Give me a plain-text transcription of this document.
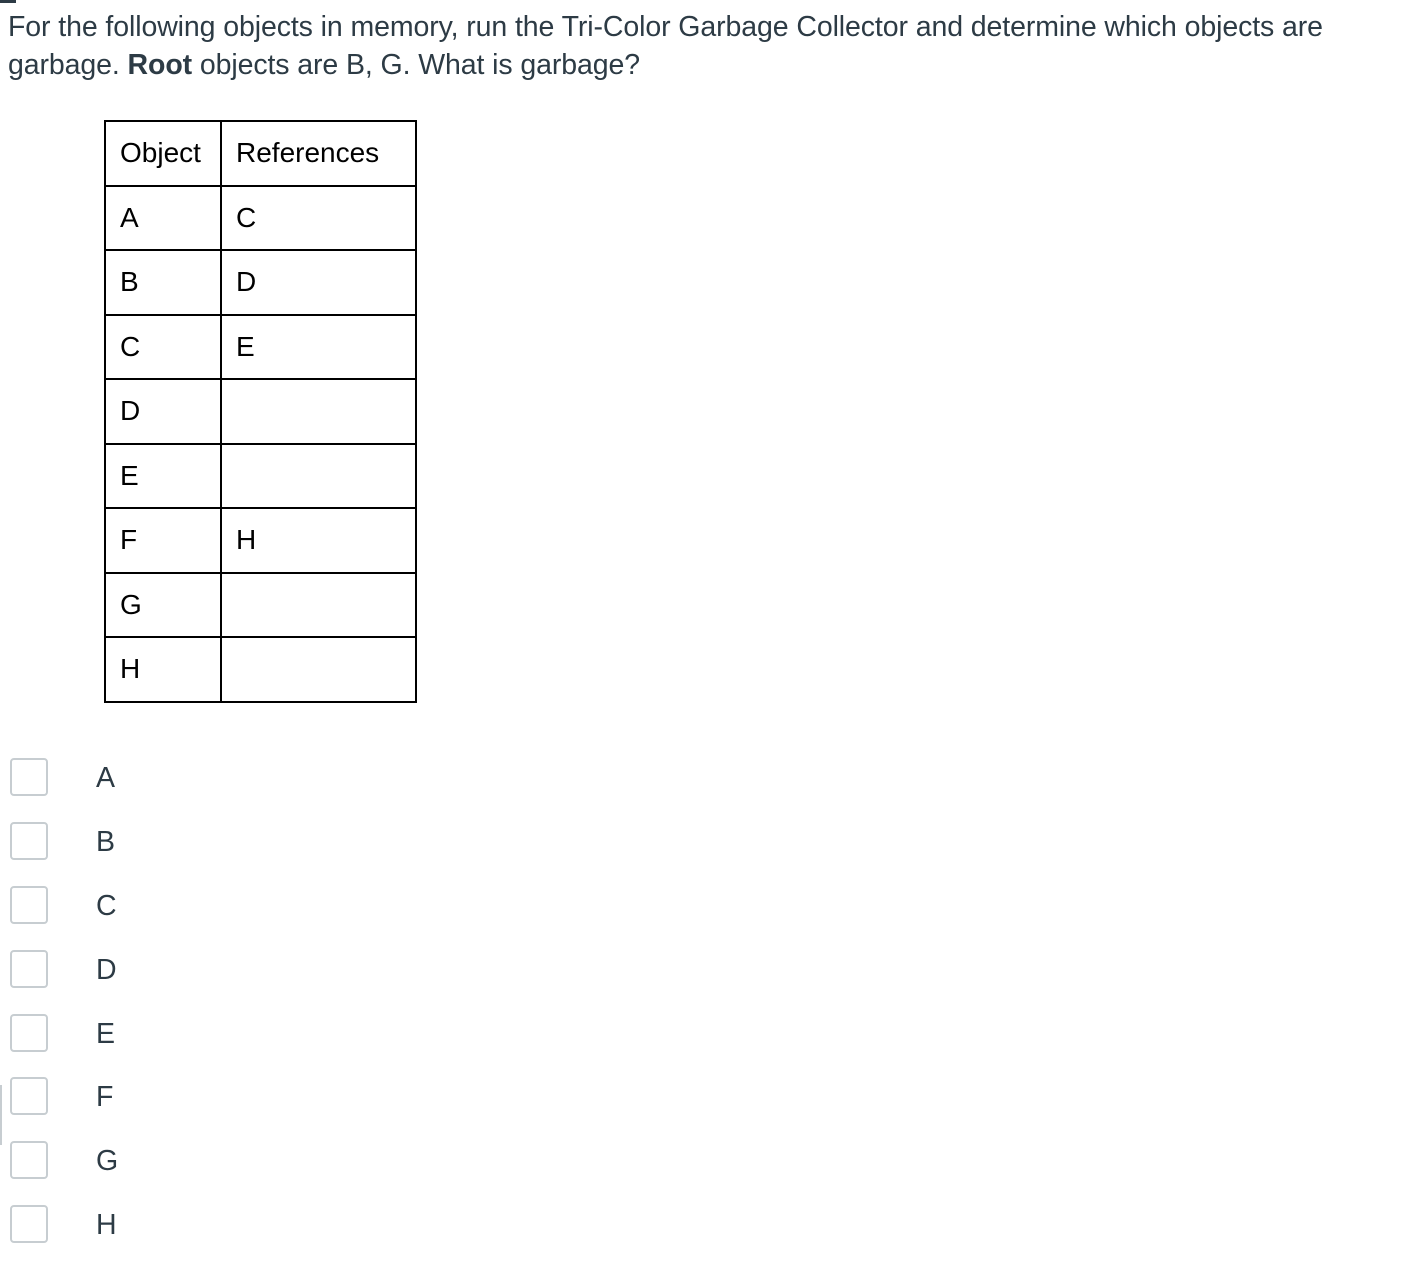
For the following objects in memory, run the Tri-Color Garbage Collector and determine which objects are
garbage. Root objects are B, G. What is garbage?
Object	References
A	C
B	D
C	E
D	
E	
F	H
G	
H	
A
B
C
D
E
F
G
H
